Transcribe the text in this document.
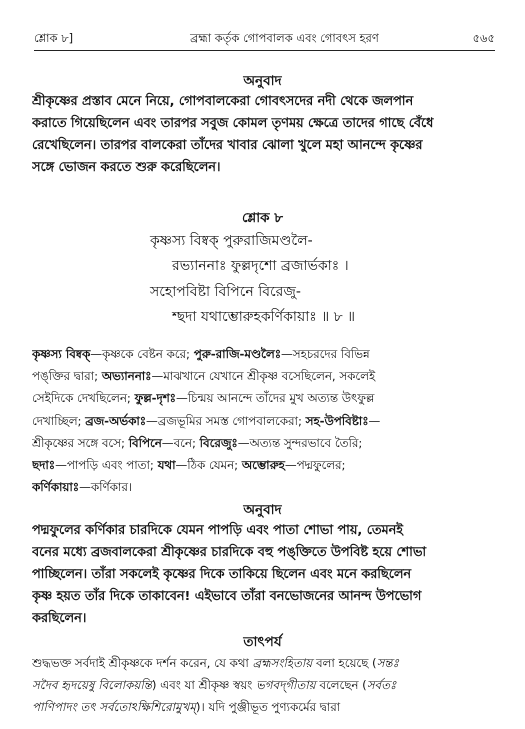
শ্লোক ৮]	ব্রহ্মা কর্তৃক গোপবালক এবং গোবৎস হরণ	৫৬৫
অনুবাদ
শ্রীকৃষ্ণের প্রস্তাব মেনে নিয়ে, গোপবালকেরা গোবৎসদের নদী থেকে জলপান
করাতে গিয়েছিলেন এবং তারপর সবুজ কোমল তৃণময় ক্ষেত্রে তাদের গাছে বেঁধে
রেখেছিলেন। তারপর বালকেরা তাঁদের খাবার ঝোলা খুলে মহা আনন্দে কৃষ্ণের
সঙ্গে ভোজন করতে শুরু করেছিলেন।
শ্লোক ৮
কৃষ্ণস্য বিষ্বক্‌ পুরুরাজিমণ্ডলৈ-
রভ্যাননাঃ ফুল্লদৃশো ব্রজার্ভকাঃ ।
সহোপবিষ্টা বিপিনে বিরেজু-
শ্ছদা যথাম্ভোরুহকর্ণিকায়াঃ ॥ ৮ ॥
কৃষ্ণস্য বিষ্বক্‌—কৃষ্ণকে বেষ্টন করে; পুরু-রাজি-মণ্ডলৈঃ—সহচরদের বিভিন্ন
পঙ্‌ক্তির দ্বারা; অভ্যাননাঃ—মাঝখানে যেখানে শ্রীকৃষ্ণ বসেছিলেন, সকলেই
সেইদিকে দেখছিলেন; ফুল্ল-দৃশঃ—চিন্ময় আনন্দে তাঁদের মুখ অত্যন্ত উৎফুল্ল
দেখাচ্ছিল; ব্রজ-অর্ভকাঃ—ব্রজভূমির সমস্ত গোপবালকেরা; সহ-উপবিষ্টাঃ—
শ্রীকৃষ্ণের সঙ্গে বসে; বিপিনে—বনে; বিরেজুঃ—অত্যন্ত সুন্দরভাবে তৈরি;
ছদাঃ—পাপড়ি এবং পাতা; যথা—ঠিক যেমন; অম্ভোরুহ—পদ্মফুলের;
কর্ণিকায়াঃ—কর্ণিকার।
অনুবাদ
পদ্মফুলের কর্ণিকার চারদিকে যেমন পাপড়ি এবং পাতা শোভা পায়, তেমনই
বনের মধ্যে ব্রজবালকেরা শ্রীকৃষ্ণের চারদিকে বহু পঙ্‌ক্তিতে উপবিষ্ট হয়ে শোভা
পাচ্ছিলেন। তাঁরা সকলেই কৃষ্ণের দিকে তাকিয়ে ছিলেন এবং মনে করছিলেন
কৃষ্ণ হয়ত তাঁর দিকে তাকাবেন! এইভাবে তাঁরা বনভোজনের আনন্দ উপভোগ
করছিলেন।
তাৎপর্য
শুদ্ধভক্ত সর্বদাই শ্রীকৃষ্ণকে দর্শন করেন, যে কথা ব্রহ্মসংহিতায় বলা হয়েছে (সন্তঃ
সদৈব হৃদয়েষু বিলোকয়ন্তি) এবং যা শ্রীকৃষ্ণ স্বয়ং ভগবদ্‌গীতায় বলেছেন (সর্বতঃ
পাণিপাদং তৎ সর্বতোঽক্ষিশিরোমুখম্‌)। যদি পুঞ্জীভূত পুণ্যকর্মের দ্বারা
